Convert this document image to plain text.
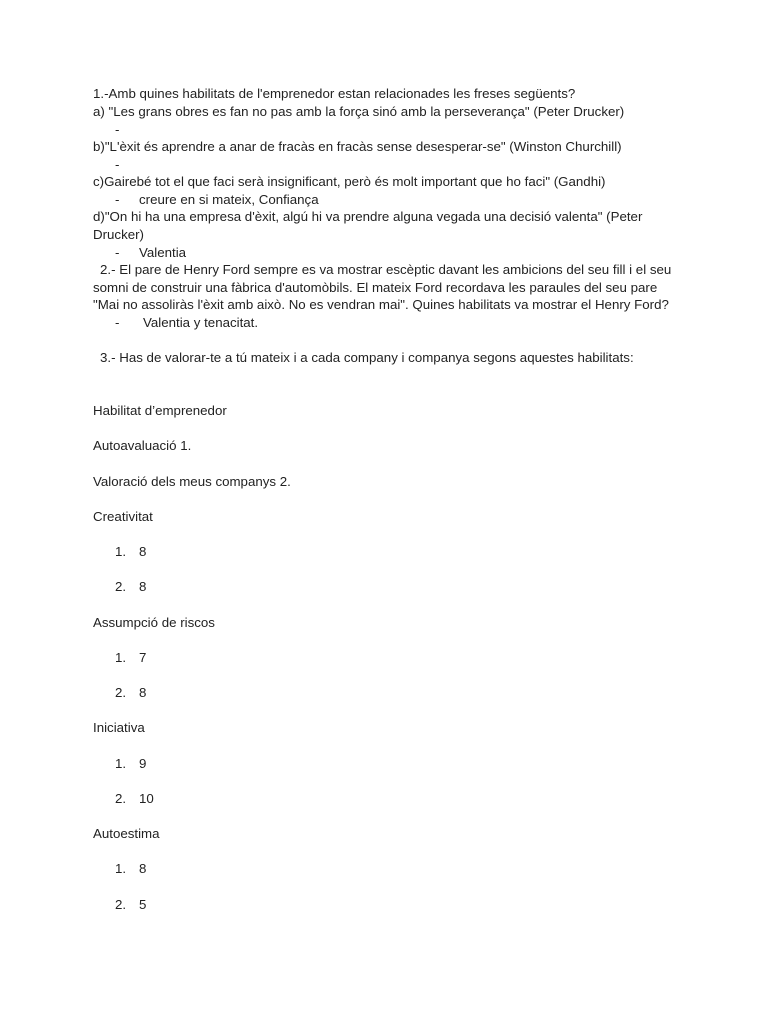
1.-Amb quines habilitats de l'emprenedor estan relacionades les freses següents?
a) "Les grans obres es fan no pas amb la força sinó amb la perseverança" (Peter Drucker)
-
b)"L'èxit és aprendre a anar de fracàs en fracàs sense desesperar-se" (Winston Churchill)
-
c)Gairebé tot el que faci serà insignificant, però és molt important que ho faci" (Gandhi)
- creure en si mateix, Confiança
d)"On hi ha una empresa d'èxit, algú hi va prendre alguna vegada una decisió valenta" (Peter
Drucker)
- Valentia
2.- El pare de Henry Ford sempre es va mostrar escèptic davant les ambicions del seu fill i el seu
somni de construir una fàbrica d'automòbils. El mateix Ford recordava les paraules del seu pare
"Mai no assoliràs l'èxit amb això. No es vendran mai". Quines habilitats va mostrar el Henry Ford?
- Valentia y tenacitat.
3.- Has de valorar-te a tú mateix i a cada company i companya segons aquestes habilitats:
Habilitat d’emprenedor
Autoavaluació 1.
Valoració dels meus companys 2.
Creativitat
1. 8
2. 8
Assumpció de riscos
1. 7
2. 8
Iniciativa
1. 9
2. 10
Autoestima
1. 8
2. 5
